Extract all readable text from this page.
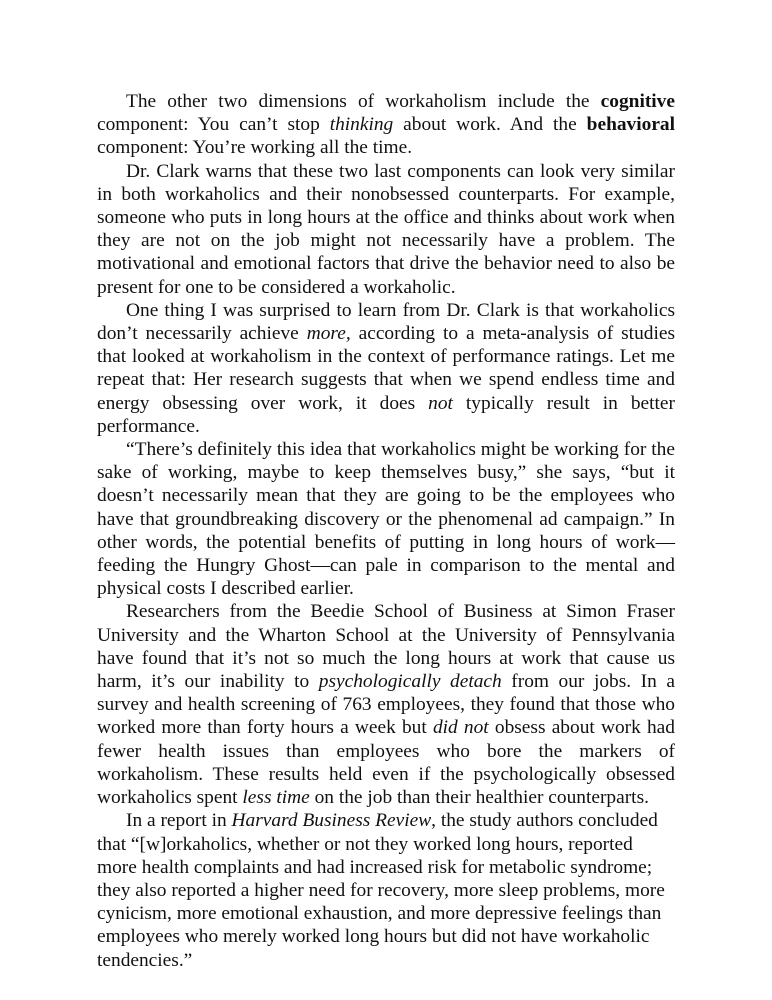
The other two dimensions of workaholism include the cognitive component: You can’t stop thinking about work. And the behavioral component: You’re working all the time.

Dr. Clark warns that these two last components can look very similar in both workaholics and their nonobsessed counterparts. For example, someone who puts in long hours at the office and thinks about work when they are not on the job might not necessarily have a problem. The motivational and emotional factors that drive the behavior need to also be present for one to be considered a workaholic.

One thing I was surprised to learn from Dr. Clark is that workaholics don’t necessarily achieve more, according to a meta-analysis of studies that looked at workaholism in the context of performance ratings. Let me repeat that: Her research suggests that when we spend endless time and energy obsessing over work, it does not typically result in better performance.

“There’s definitely this idea that workaholics might be working for the sake of working, maybe to keep themselves busy,” she says, “but it doesn’t necessarily mean that they are going to be the employees who have that groundbreaking discovery or the phenomenal ad campaign.” In other words, the potential benefits of putting in long hours of work—feeding the Hungry Ghost—can pale in comparison to the mental and physical costs I described earlier.

Researchers from the Beedie School of Business at Simon Fraser University and the Wharton School at the University of Pennsylvania have found that it’s not so much the long hours at work that cause us harm, it’s our inability to psychologically detach from our jobs. In a survey and health screening of 763 employees, they found that those who worked more than forty hours a week but did not obsess about work had fewer health issues than employees who bore the markers of workaholism. These results held even if the psychologically obsessed workaholics spent less time on the job than their healthier counterparts.

In a report in Harvard Business Review, the study authors concluded that “[w]orkaholics, whether or not they worked long hours, reported more health complaints and had increased risk for metabolic syndrome; they also reported a higher need for recovery, more sleep problems, more cynicism, more emotional exhaustion, and more depressive feelings than employees who merely worked long hours but did not have workaholic tendencies.”
